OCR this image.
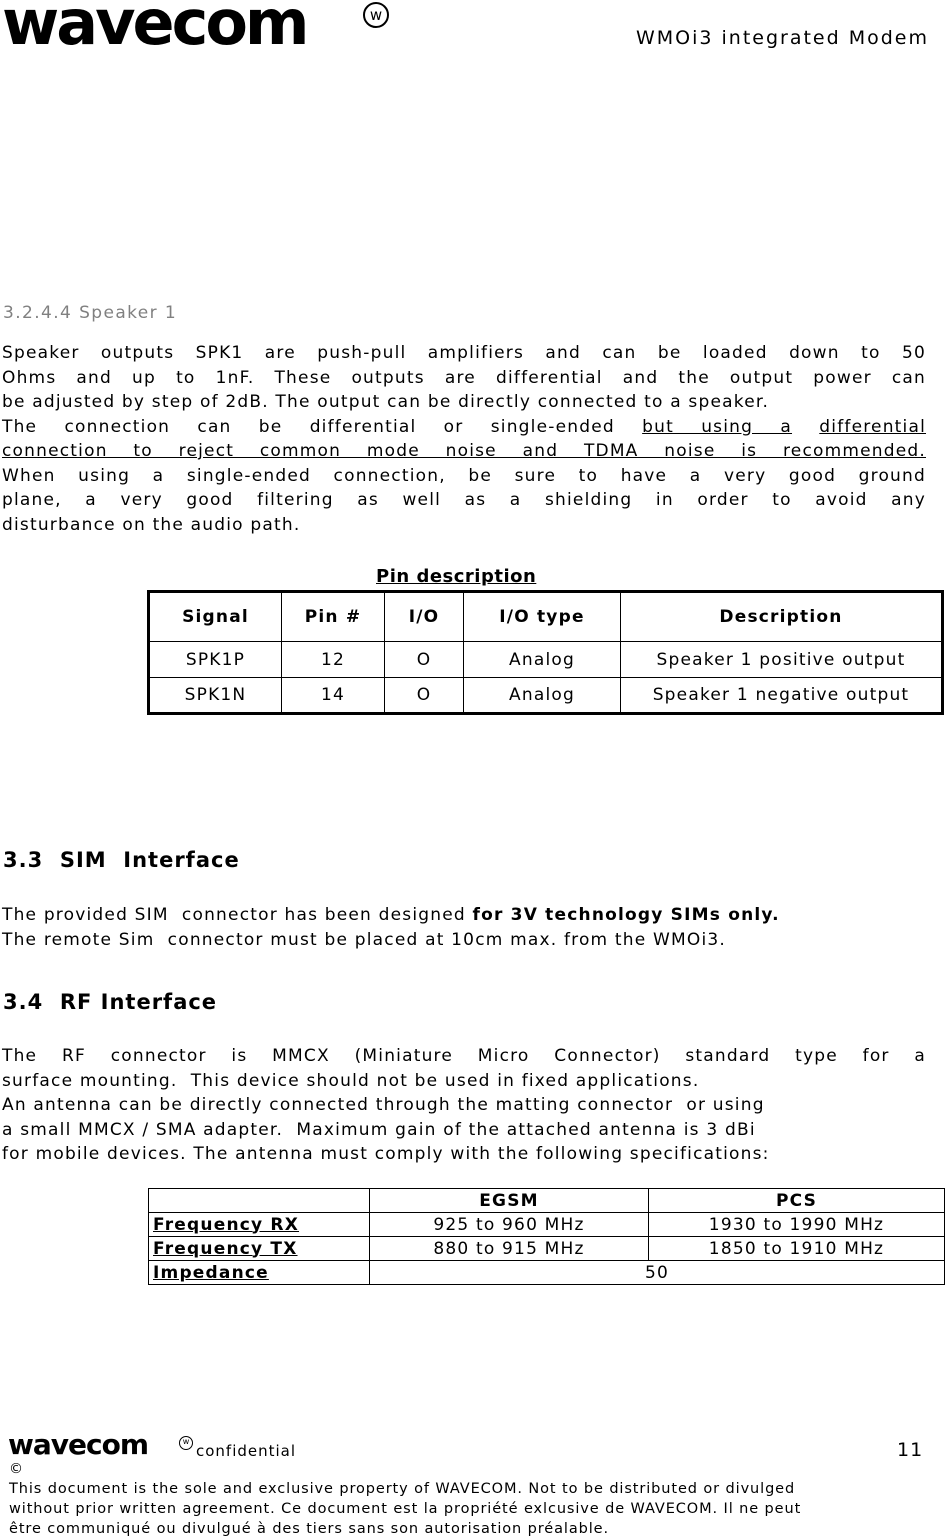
wavecom	w
WMOi3 integrated Modem
3.2.4.4 Speaker 1
Speaker outputs SPK1 are push-pull amplifiers and can be loaded down to 50
Ohms and up to 1nF. These outputs are differential and the output power can
be adjusted by step of 2dB. The output can be directly connected to a speaker.
The connection can be differential or single-ended but using a differential
connection to reject common mode noise and TDMA noise is recommended.
When using a single-ended connection, be sure to have a very good ground
plane, a very good filtering as well as a shielding in order to avoid any
disturbance on the audio path.
Pin description
Signal	Pin #	I/O	I/O type	Description
SPK1P	12	O	Analog	Speaker 1 positive output
SPK1N	14	O	Analog	Speaker 1 negative output
3.3  SIM  Interface
The provided SIM  connector has been designed for 3V technology SIMs only.
The remote Sim  connector must be placed at 10cm max. from the WMOi3.
3.4  RF Interface
The RF connector is MMCX (Miniature Micro Connector) standard type for a
surface mounting.  This device should not be used in fixed applications.
An antenna can be directly connected through the matting connector  or using
a small MMCX / SMA adapter.  Maximum gain of the attached antenna is 3 dBi
for mobile devices. The antenna must comply with the following specifications:
	EGSM	PCS
Frequency RX	925 to 960 MHz	1930 to 1990 MHz
Frequency TX	880 to 915 MHz	1850 to 1910 MHz
Impedance	50	
wavecom	w
confidential	11
©
This document is the sole and exclusive property of WAVECOM. Not to be distributed or divulged
without prior written agreement. Ce document est la propriété exlcusive de WAVECOM. Il ne peut
être communiqué ou divulgué à des tiers sans son autorisation préalable.
